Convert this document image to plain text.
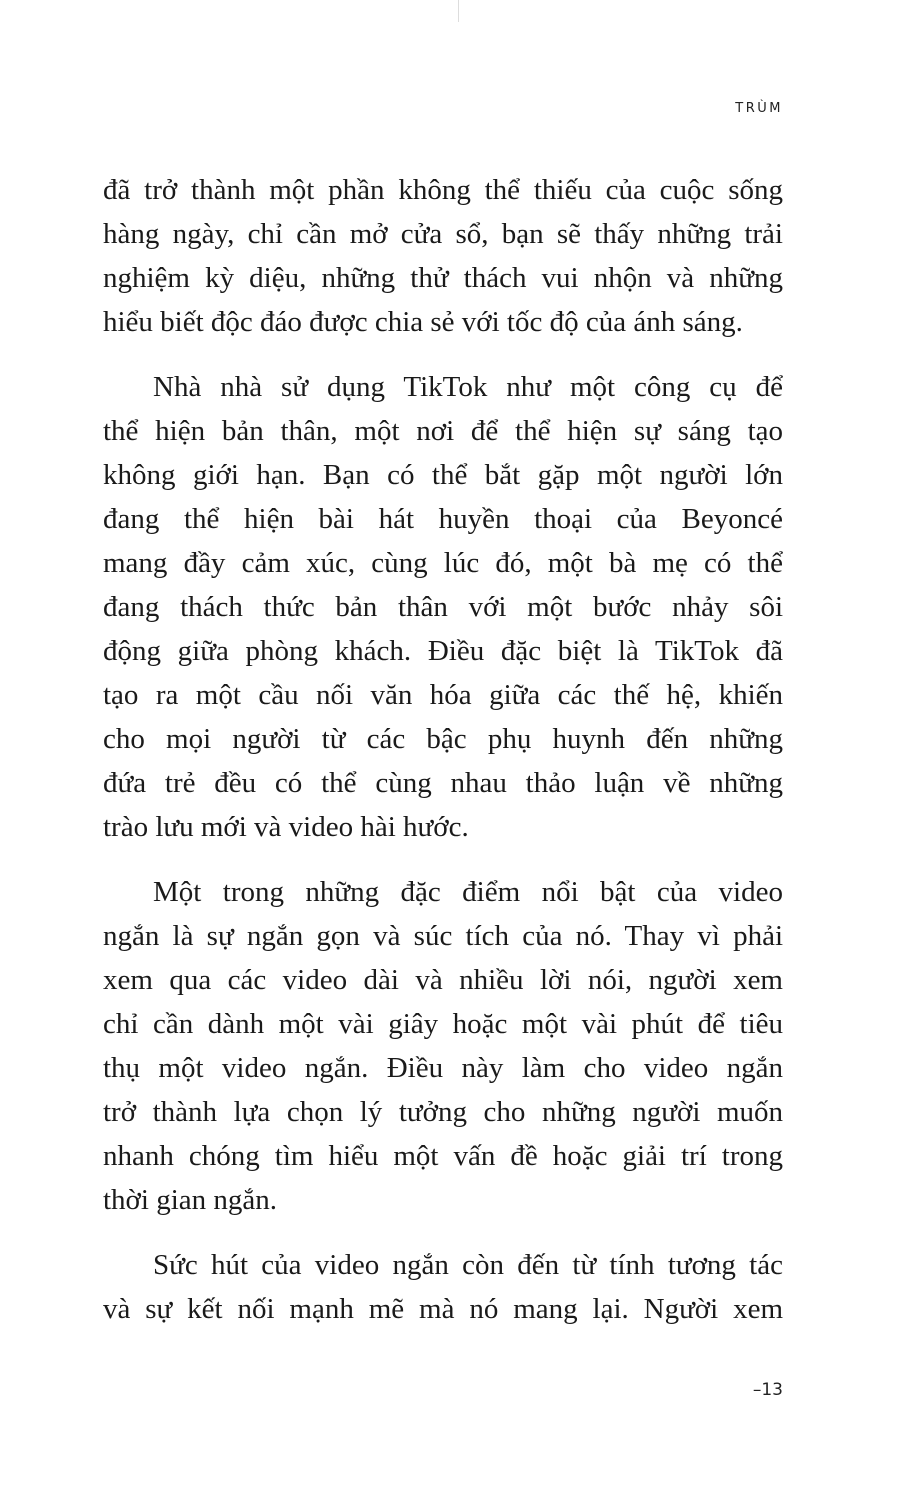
TRÙM
đã trở thành một phần không thể thiếu của cuộc sống
hàng ngày, chỉ cần mở cửa sổ, bạn sẽ thấy những trải
nghiệm kỳ diệu, những thử thách vui nhộn và những
hiểu biết độc đáo được chia sẻ với tốc độ của ánh sáng.
Nhà nhà sử dụng TikTok như một công cụ để
thể hiện bản thân, một nơi để thể hiện sự sáng tạo
không giới hạn. Bạn có thể bắt gặp một người lớn
đang thể hiện bài hát huyền thoại của Beyoncé
mang đầy cảm xúc, cùng lúc đó, một bà mẹ có thể
đang thách thức bản thân với một bước nhảy sôi
động giữa phòng khách. Điều đặc biệt là TikTok đã
tạo ra một cầu nối văn hóa giữa các thế hệ, khiến
cho mọi người từ các bậc phụ huynh đến những
đứa trẻ đều có thể cùng nhau thảo luận về những
trào lưu mới và video hài hước.
Một trong những đặc điểm nổi bật của video
ngắn là sự ngắn gọn và súc tích của nó. Thay vì phải
xem qua các video dài và nhiều lời nói, người xem
chỉ cần dành một vài giây hoặc một vài phút để tiêu
thụ một video ngắn. Điều này làm cho video ngắn
trở thành lựa chọn lý tưởng cho những người muốn
nhanh chóng tìm hiểu một vấn đề hoặc giải trí trong
thời gian ngắn.
Sức hút của video ngắn còn đến từ tính tương tác
và sự kết nối mạnh mẽ mà nó mang lại. Người xem
–13
